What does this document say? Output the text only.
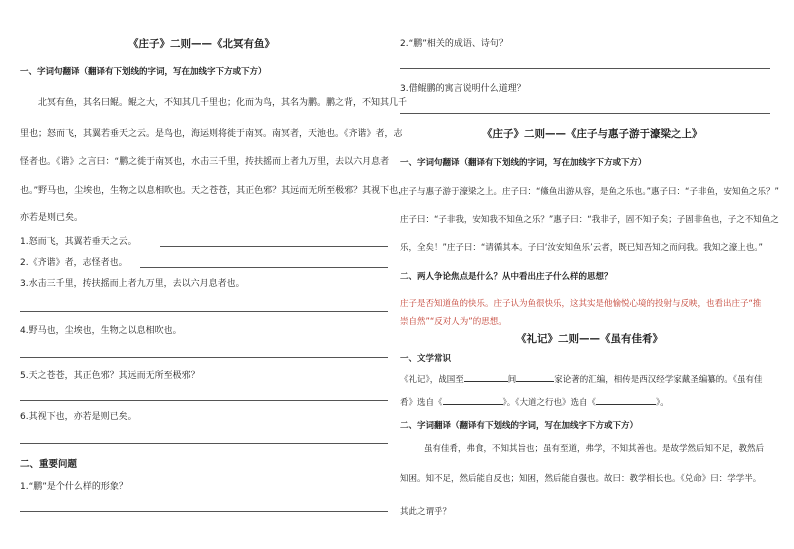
《庄子》二则——《北冥有鱼》
一、字词句翻译（翻译有下划线的字词，写在加线字下方或下方）
北冥有鱼，其名曰鲲。鲲之大，不知其几千里也；化而为鸟，其名为鹏。鹏之背，不知其几千
里也；怒而飞，其翼若垂天之云。是鸟也，海运则将徙于南冥。南冥者，天池也。《齐谐》者，志
怪者也。《谐》之言曰：“鹏之徙于南冥也，水击三千里，抟扶摇而上者九万里，去以六月息者
也。”野马也，尘埃也，生物之以息相吹也。天之苍苍，其正色邪？其远而无所至极邪？其视下也，
亦若是则已矣。
1.怒而飞，其翼若垂天之云。
2.《齐谐》者，志怪者也。
3.水击三千里，抟扶摇而上者九万里，去以六月息者也。
4.野马也，尘埃也，生物之以息相吹也。
5.天之苍苍，其正色邪？其远而无所至极邪？
6.其视下也，亦若是则已矣。
二、重要问题
1.“鹏”是个什么样的形象？
2.“鹏”相关的成语、诗句？
3.借鲲鹏的寓言说明什么道理？
《庄子》二则——《庄子与惠子游于濠梁之上》
一、字词句翻译（翻译有下划线的字词，写在加线字下方或下方）
庄子与惠子游于濠梁之上。庄子曰：“鯈鱼出游从容，是鱼之乐也。”惠子曰：“子非鱼，安知鱼之乐？”
庄子曰：“子非我，安知我不知鱼之乐？”惠子曰：“我非子，固不知子矣；子固非鱼也，子之不知鱼之
乐，全矣！”庄子曰：“请循其本。子曰‘汝安知鱼乐’云者，既已知吾知之而问我。我知之濠上也。”
二、两人争论焦点是什么？从中看出庄子什么样的思想？
庄子是否知道鱼的快乐。庄子认为鱼很快乐，这其实是他愉悦心境的投射与反映，也看出庄子“推
崇自然”“反对人为”的思想。
《礼记》二则——《虽有佳肴》
一、文学常识
《礼记》，战国至	间	家论著的汇编，相传是西汉经学家戴圣编纂的。《虽有佳
肴》选自《	》。《大道之行也》选自《	》。
二、字词翻译（翻译有下划线的字词，写在加线字下方或下方）
虽有佳肴，弗食，不知其旨也；虽有至道，弗学，不知其善也。是故学然后知不足，教然后
知困。知不足，然后能自反也；知困，然后能自强也。故曰：教学相长也。《兑命》曰：学学半。
其此之谓乎？
